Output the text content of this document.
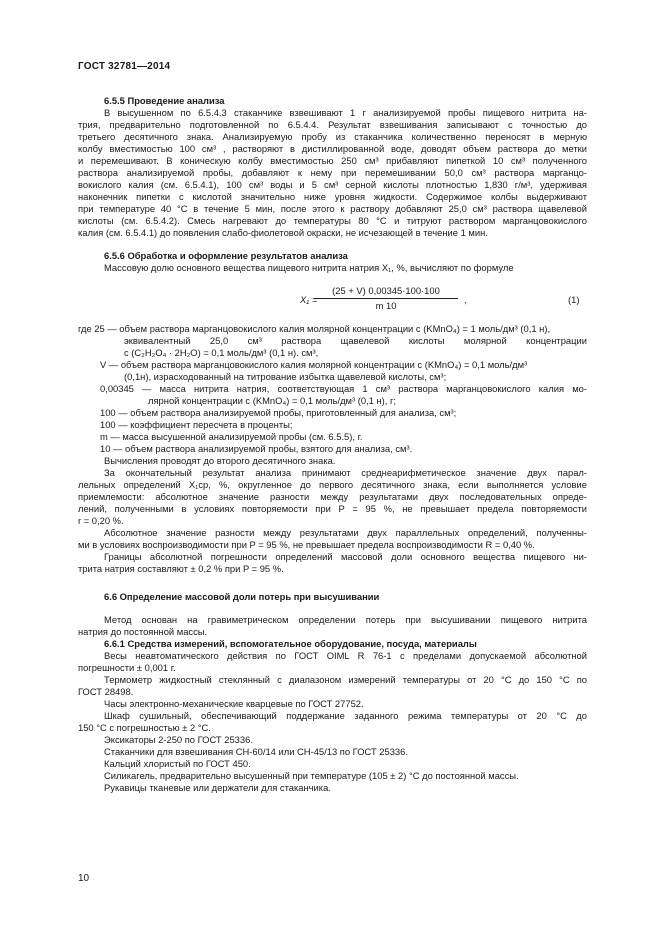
ГОСТ 32781—2014
6.5.5 Проведение анализа
В высушенном по 6.5.4.3 стаканчике взвешивают 1 г анализируемой пробы пищевого нитрита на-
трия, предварительно подготовленной по 6.5.4.4. Результат взвешивания записывают с точностью до
третьего десятичного знака. Анализируемую пробу из стаканчика количественно переносят в мерную
колбу вместимостью 100 см³ , растворяют в дистиллированной воде, доводят объем раствора до метки
и перемешивают. В коническую колбу вместимостью 250 см³ прибавляют пипеткой 10 см³ полученного
раствора анализируемой пробы, добавляют к нему при перемешивании 50,0 см³ раствора марганцо-
вокислого калия (см. 6.5.4.1), 100 см³ воды и 5 см³ серной кислоты плотностью 1,830 г/м³, удерживая
наконечник пипетки с кислотой значительно ниже уровня жидкости. Содержимое колбы выдерживают
при температуре 40 °С в течение 5 мин, после этого к раствору добавляют 25,0 см³ раствора щавелевой
кислоты (см. 6.5.4.2). Смесь нагревают до температуры 80 °С и титруют раствором марганцовокислого
калия (см. 6.5.4.1) до появления слабо-фиолетовой окраски, не исчезающей в течение 1 мин.
6.5.6 Обработка и оформление результатов анализа
Массовую долю основного вещества пищевого нитрита натрия X₁, %, вычисляют по формуле
X₁ =
(25 + V) 0,00345·100·100
m 10
,	(1)
где 25 — объем раствора марганцовокислого калия молярной концентрации c (KMnO₄) = 1 моль/дм³ (0,1 н),
эквивалентный 25,0 см³ раствора щавелевой кислоты молярной концентрации
c (C₂H₂O₄ · 2H₂O) = 0,1 моль/дм³ (0,1 н). см³,
V — объем раствора марганцовокислого калия молярной концентрации c (KMnO₄) = 0,1 моль/дм³
(0,1н), израсходованный на титрование избытка щавелевой кислоты, см³;
0,00345 — масса нитрита натрия, соответствующая 1 см³ раствора марганцовокислого калия мо-
лярной концентрации c (KMnO₄) = 0,1 моль/дм³ (0,1 н), г;
100 — объем раствора анализируемой пробы, приготовленный для анализа, см³;
100 — коэффициент пересчета в проценты;
m — масса высушенной анализируемой пробы (см. 6.5.5), г.
10 — объем раствора анализируемой пробы, взятого для анализа, см³.
Вычисления проводят до второго десятичного знака.
За окончательный результат анализа принимают среднеарифметическое значение двух парал-
лельных определений X₁ср, %, округленное до первого десятичного знака, если выполняется условие
приемлемости: абсолютное значение разности между результатами двух последовательных опреде-
лений, полученными в условиях повторяемости при P = 95 %, не превышает предела повторяемости
r = 0,20 %.
Абсолютное значение разности между результатами двух параллельных определений, полученны-
ми в условиях воспроизводимости при P = 95 %, не превышает предела воспроизводимости R = 0,40 %.
Границы абсолютной погрешности определений массовой доли основного вещества пищевого ни-
трита натрия составляют ± 0,2 % при P = 95 %.
6.6 Определение массовой доли потерь при высушивании
Метод основан на гравиметрическом определении потерь при высушивании пищевого нитрита
натрия до постоянной массы.
6.6.1 Средства измерений, вспомогательное оборудование, посуда, материалы
Весы неавтоматического действия по ГОСТ OIML R 76-1 с пределами допускаемой абсолютной
погрешности ± 0,001 г.
Термометр жидкостный стеклянный с диапазоном измерений температуры от 20 °С до 150 °С по
ГОСТ 28498.
Часы электронно-механические кварцевые по ГОСТ 27752.
Шкаф сушильный, обеспечивающий поддержание заданного режима температуры от 20 °С до
150 °С с погрешностью ± 2 °С.
Эксикаторы 2-250 по ГОСТ 25336.
Стаканчики для взвешивания СН-60/14 или СН-45/13 по ГОСТ 25336.
Кальций хлористый по ГОСТ 450.
Силикагель, предварительно высушенный при температуре (105 ± 2) °С до постоянной массы.
Рукавицы тканевые или держатели для стаканчика.
10
